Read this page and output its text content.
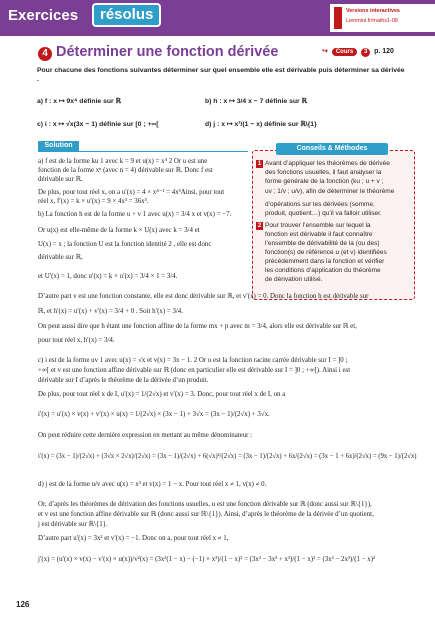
Exercices	résolus	Versions interactives
Lienmini.fr/maths1-08
4 Déterminer une fonction dérivée	↪ Cours 3 p. 120
Pour chacune des fonctions suivantes déterminer sur quel ensemble elle est dérivable puis déterminer sa dérivée .
a) f : x ↦ 9x⁴ définie sur ℝ	b) h : x ↦ 3/4 x − 7 définie sur ℝ
c) i : x ↦ √x(3x − 1) définie sur [0 ; +∞[	d) j : x ↦ x³/(1 − x) définie sur ℝ\{1}
Solution	Conseils & Méthodes
1 Avant d’appliquer les théorèmes de dérivée
des fonctions usuelles, il faut analyser la
forme générale de la fonction (ku ; u + v ;
uv ; 1/v ; u/v), afin de déterminer le théorème
d’opérations sur les dérivées (somme,
produit, quotient…) qu’il va falloir utiliser.
2 Pour trouver l’ensemble sur lequel la
fonction est dérivable il faut connaître
l’ensemble de dérivabilité de la (ou des)
fonction(s) de référence u (et v) identifiées
précédemment dans la fonction et vérifier
les conditions d’application du théorème
de dérivation utilisé.
a) f est de la forme ku 1 avec k = 9 et u(x) = x⁴ 2 Or u est une
fonction de la forme xⁿ (avec n = 4) dérivable sur ℝ. Donc f est
dérivable sur ℝ.
De plus, pour tout réel x, on a u′(x) = 4 × x⁴⁻¹ = 4x³Ainsi, pour tout
réel x, f′(x) = k × u′(x) = 9 × 4x³ = 36x³.
b) La fonction h est de la forme u + v 1 avec u(x) = 3/4 x et v(x) = −7.
Or u(x) est elle-même de la forme k × U(x) avec k = 3/4 et
U(x) = x ; la fonction U est la fonction identité 2 , elle est donc
dérivable sur ℝ,
et U′(x) = 1, donc u′(x) = k × u′(x) = 3/4 × 1 = 3/4.
D’autre part v est une fonction constante, elle est donc dérivable sur ℝ, et v′(x) = 0. Donc la fonction h est dérivable sur
ℝ, et h′(x) = u′(x) + v′(x) = 3/4 + 0 . Soit h′(x) = 3/4.
On peut aussi dire que h étant une fonction affine de la forme mx + p avec m = 3/4, alors elle est dérivable sur ℝ et,
pour tout réel x, h′(x) = 3/4.
c) i est de la forme uv 1 avec u(x) = √x et v(x) = 3x − 1. 2 Or u est la fonction racine carrée dérivable sur I = ]0 ;
+∞[ et v est une fonction affine dérivable sur ℝ (donc en particulier elle est dérivable sur I = ]0 ; +∞[). Ainsi i est
dérivable sur I d’après le théorème de la dérivée d’un produit.
De plus, pour tout réel x de I, u′(x) = 1/(2√x) et v′(x) = 3. Donc, pour tout réel x de I, on a
i′(x) = u′(x) × v(x) + v′(x) × u(x) = 1/(2√x) × (3x − 1) + 3√x = (3x − 1)/(2√x) + 3√x.
On peut réduire cette dernière expression en mettant au même dénominateur :
i′(x) = (3x − 1)/(2√x) + (3√x × 2√x)/(2√x) = (3x − 1)/(2√x) + 6(√x)²/(2√x) = (3x − 1)/(2√x) + 6x/(2√x) = (3x − 1 + 6x)/(2√x) = (9x − 1)/(2√x)
d) j est de la forme u/v avec u(x) = x³ et v(x) = 1 − x. Pour tout réel x ≠ 1, v(x) ≠ 0.
Or, d’après les théorèmes de dérivation des fonctions usuelles, u est une fonction dérivable sur ℝ (donc aussi sur ℝ\{1}),
et v est une fonction affine dérivable sur ℝ (donc aussi sur ℝ\{1}). Ainsi, d’après le théorème de la dérivée d’un quotient,
j est dérivable sur ℝ\{1}.
D’autre part u′(x) = 3x² et v′(x) = −1. Donc on a, pour tout réel x ≠ 1,
j′(x) = (u′(x) × v(x) − v′(x) × u(x))/v²(x) = (3x²(1 − x) − (−1) × x³)/(1 − x)² = (3x² − 3x³ + x³)/(1 − x)² = (3x² − 2x³)/(1 − x)²
126
